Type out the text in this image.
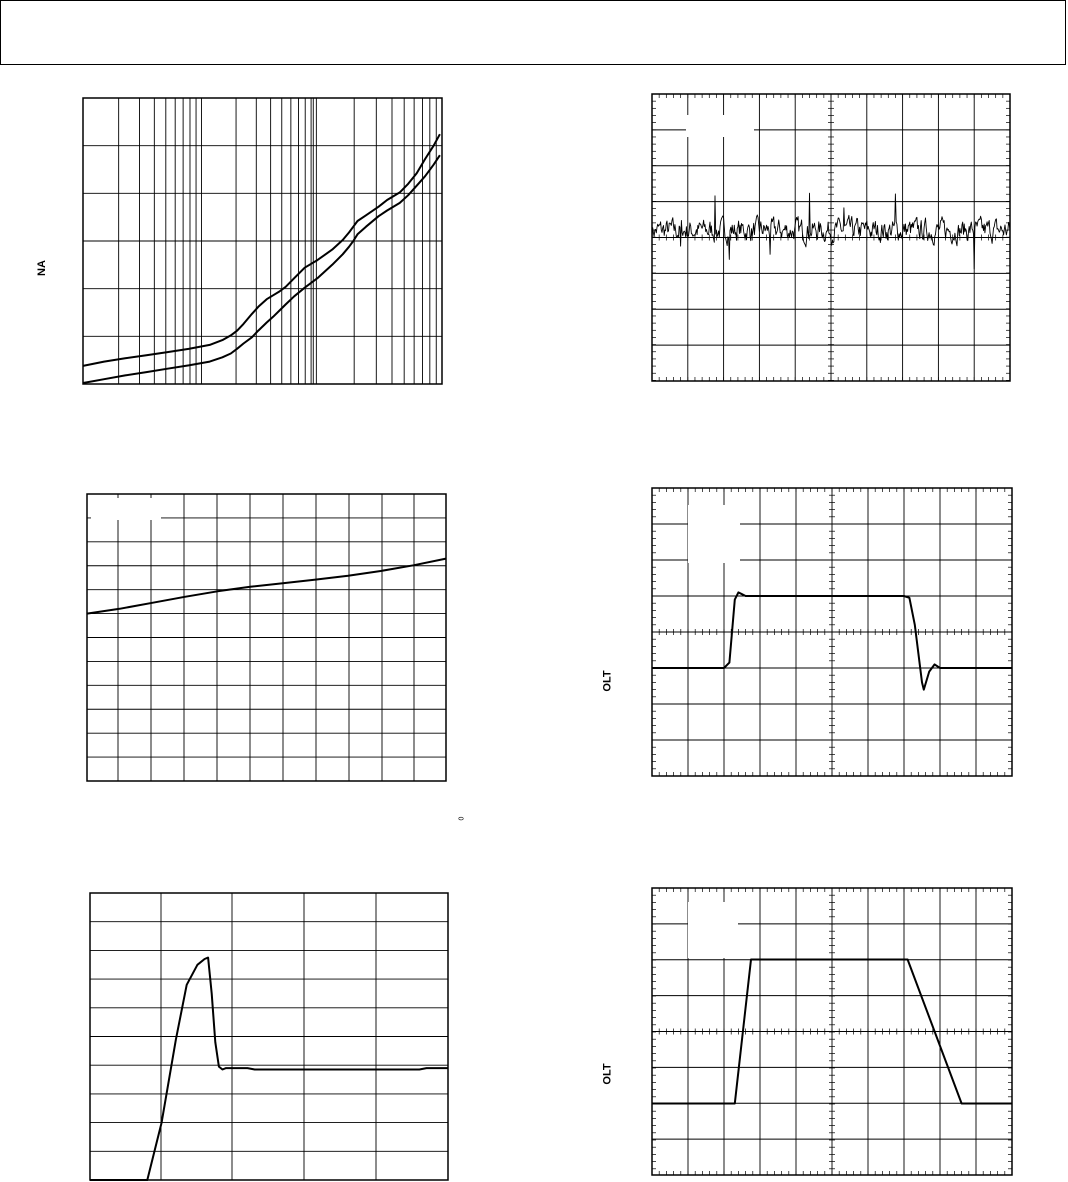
NA
OLT
OLT
0
